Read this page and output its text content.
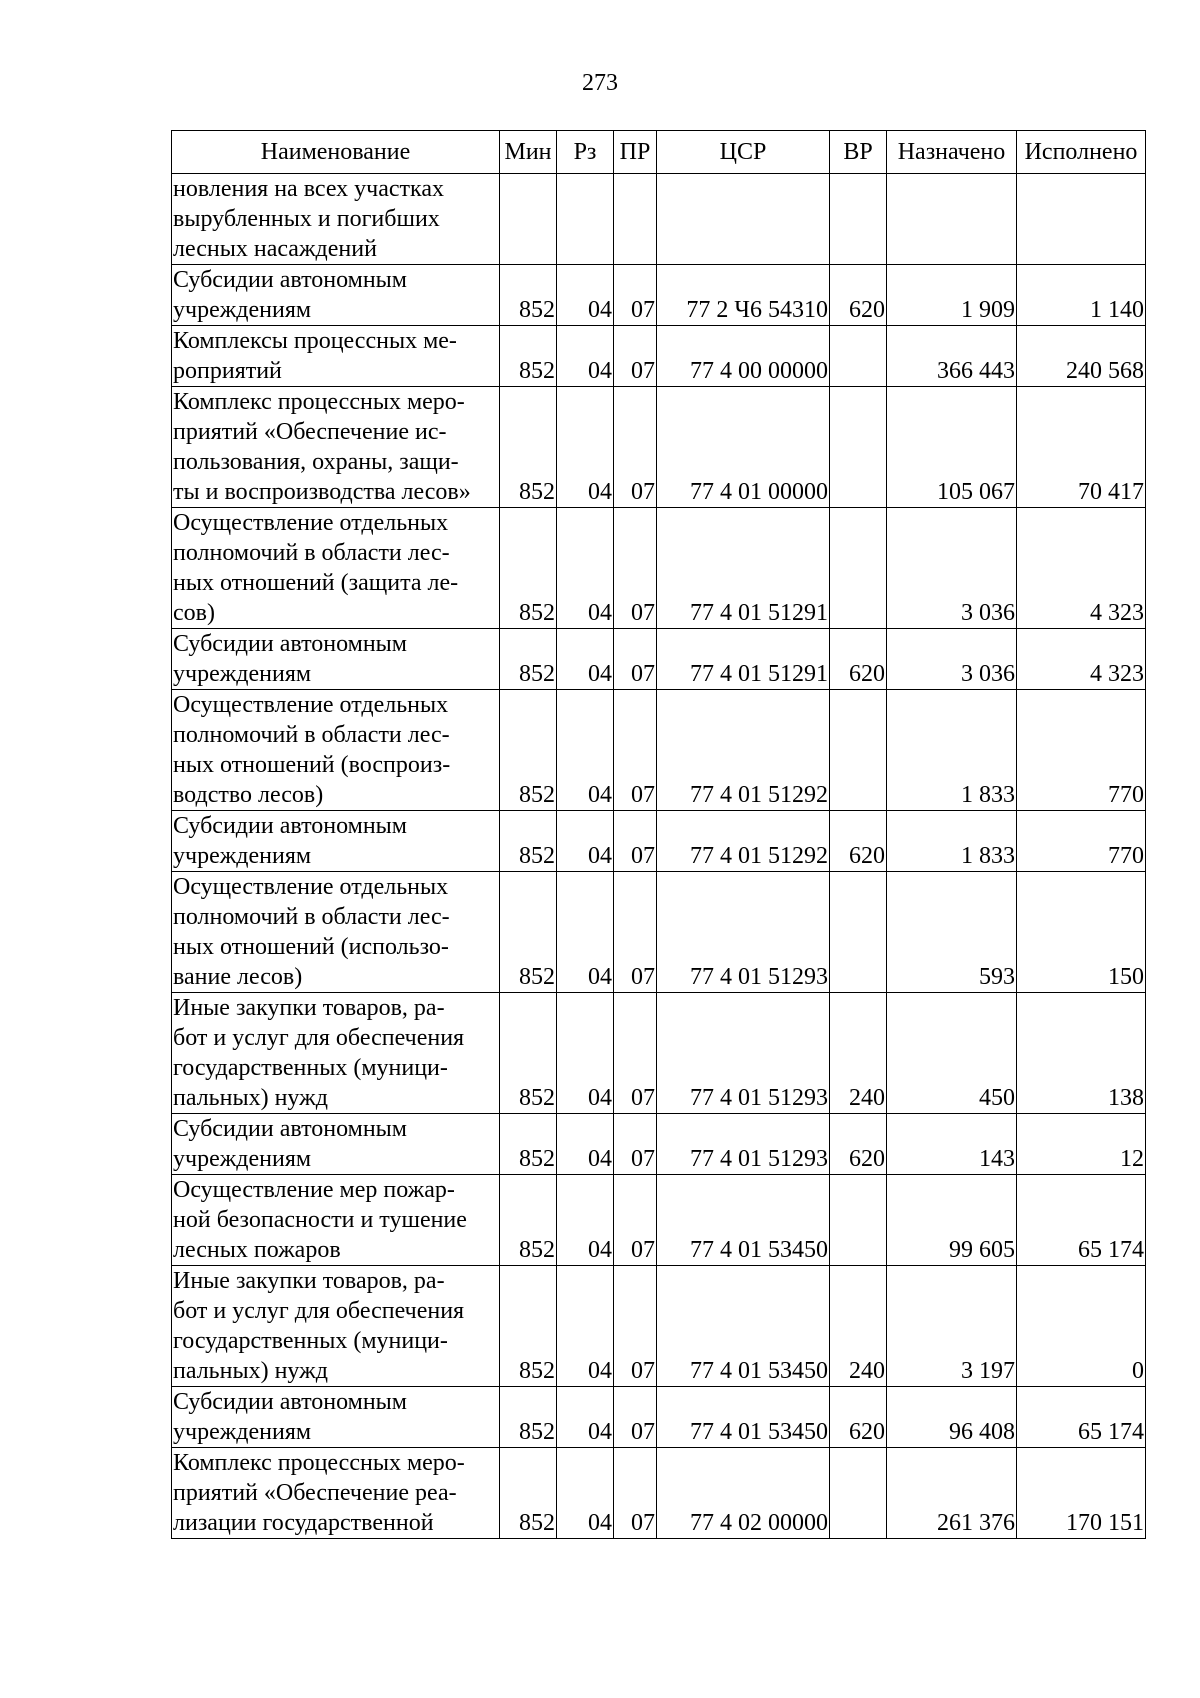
273
Наименование	Мин	Рз	ПР	ЦСР	ВР	Назначено	Исполнено
новления на всех участках
вырубленных и погибших
лесных насаждений							
Субсидии автономным
учреждениям	852	04	07	77 2 Ч6 54310	620	1 909	1 140
Комплексы процессных ме-
роприятий	852	04	07	77 4 00 00000		366 443	240 568
Комплекс процессных меро-
приятий «Обеспечение ис-
пользования, охраны, защи-
ты и воспроизводства лесов»	852	04	07	77 4 01 00000		105 067	70 417
Осуществление отдельных
полномочий в области лес-
ных отношений (защита ле-
сов)	852	04	07	77 4 01 51291		3 036	4 323
Субсидии автономным
учреждениям	852	04	07	77 4 01 51291	620	3 036	4 323
Осуществление отдельных
полномочий в области лес-
ных отношений (воспроиз-
водство лесов)	852	04	07	77 4 01 51292		1 833	770
Субсидии автономным
учреждениям	852	04	07	77 4 01 51292	620	1 833	770
Осуществление отдельных
полномочий в области лес-
ных отношений (использо-
вание лесов)	852	04	07	77 4 01 51293		593	150
Иные закупки товаров, ра-
бот и услуг для обеспечения
государственных (муници-
пальных) нужд	852	04	07	77 4 01 51293	240	450	138
Субсидии автономным
учреждениям	852	04	07	77 4 01 51293	620	143	12
Осуществление мер пожар-
ной безопасности и тушение
лесных пожаров	852	04	07	77 4 01 53450		99 605	65 174
Иные закупки товаров, ра-
бот и услуг для обеспечения
государственных (муници-
пальных) нужд	852	04	07	77 4 01 53450	240	3 197	0
Субсидии автономным
учреждениям	852	04	07	77 4 01 53450	620	96 408	65 174
Комплекс процессных меро-
приятий «Обеспечение реа-
лизации государственной	852	04	07	77 4 02 00000		261 376	170 151
